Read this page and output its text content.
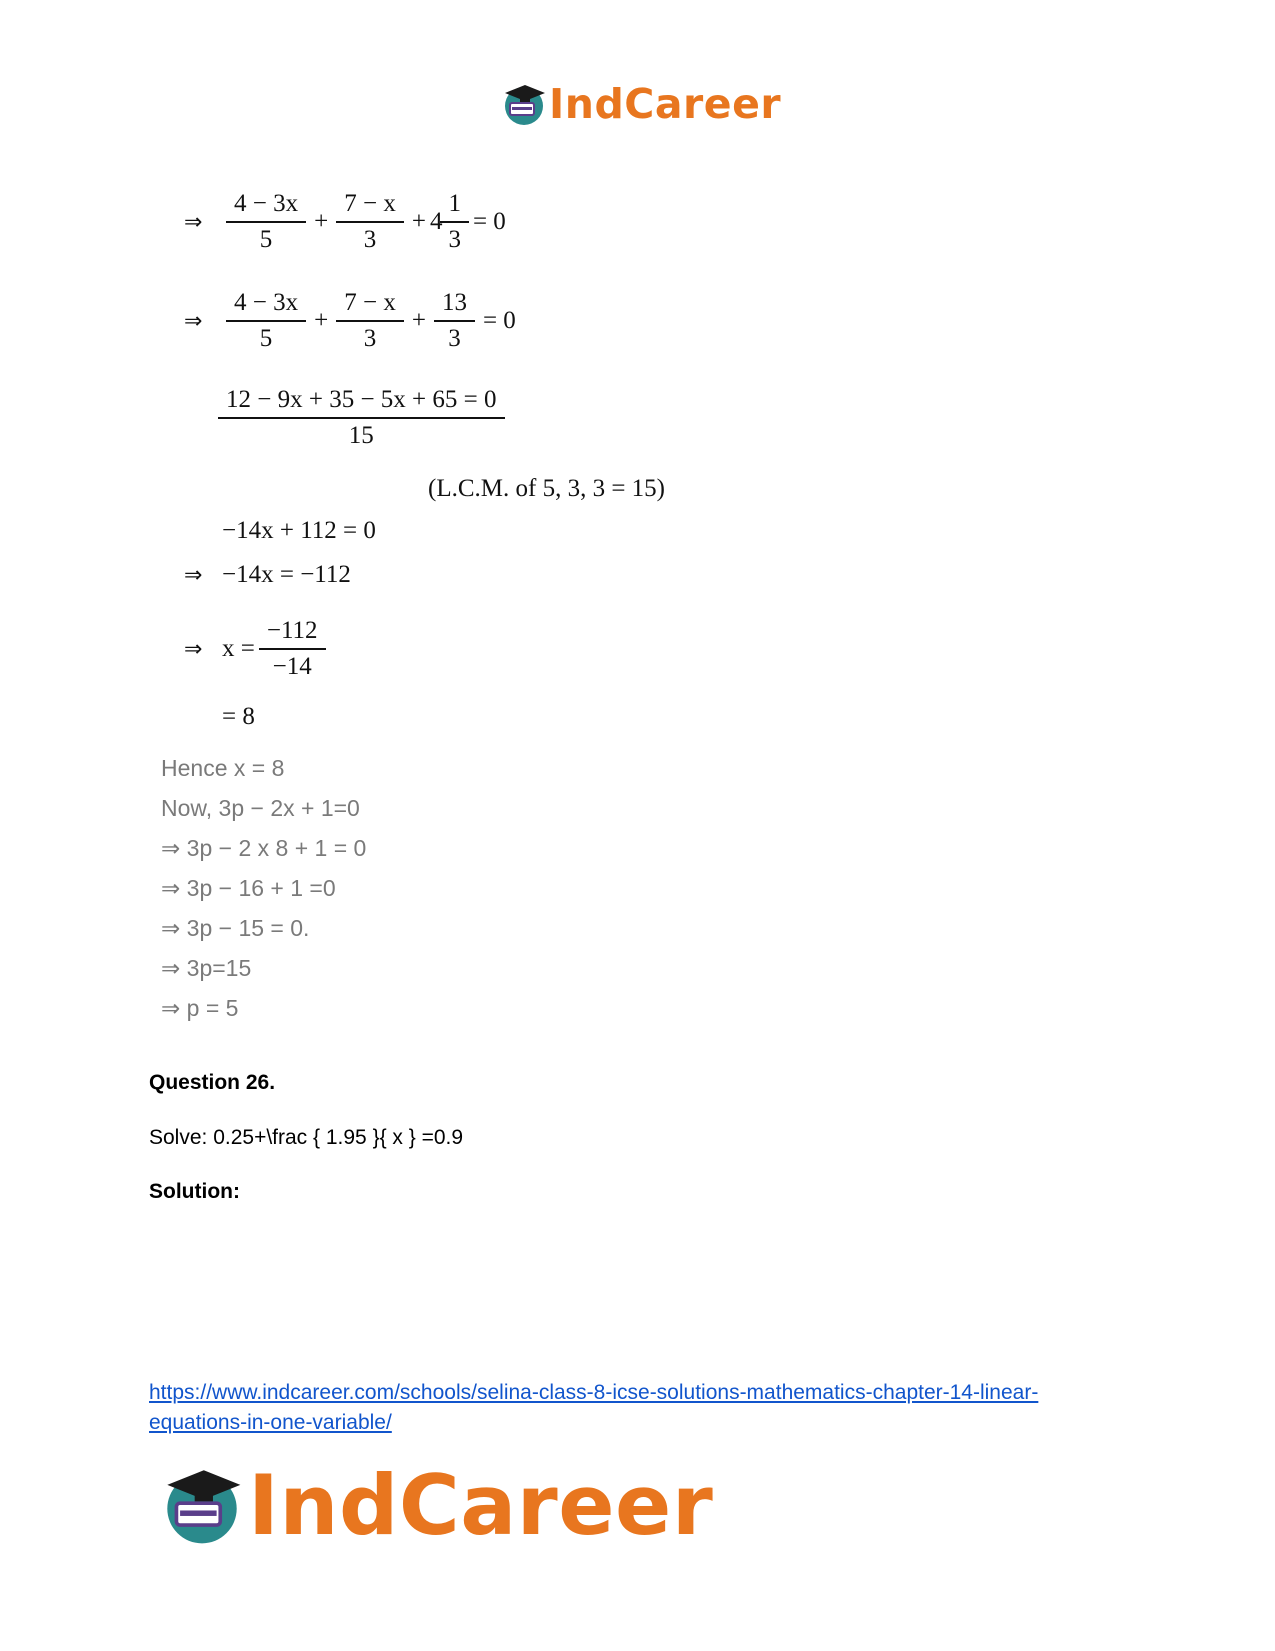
IndCareer
⇒	$\frac{4 - 3x}{5} + \frac{7 - x}{3} + 4 \frac{1}{3} = 0$
⇒	$\frac{4 - 3x}{5} + \frac{7 - x}{3} + \frac{13}{3} = 0$
$\frac{12 - 9x + 35 - 5x + 65 = 0}{15}$
(L.C.M. of 5, 3, 3 = 15)
−14x + 112 = 0
⇒ −14x = −112
⇒ $x = \frac{-112}{-14}$
= 8
Hence x = 8
Now, 3p − 2x + 1=0
⇒ 3p − 2 x 8 + 1 = 0
⇒ 3p − 16 + 1 =0
⇒ 3p − 15 = 0.
⇒ 3p=15
⇒ p = 5
Question 26.
Solve: 0.25+\frac { 1.95 }{ x } =0.9
Solution:
https://www.indcareer.com/schools/selina-class-8-icse-solutions-mathematics-chapter-14-linear-equations-in-one-variable/
IndCareer
